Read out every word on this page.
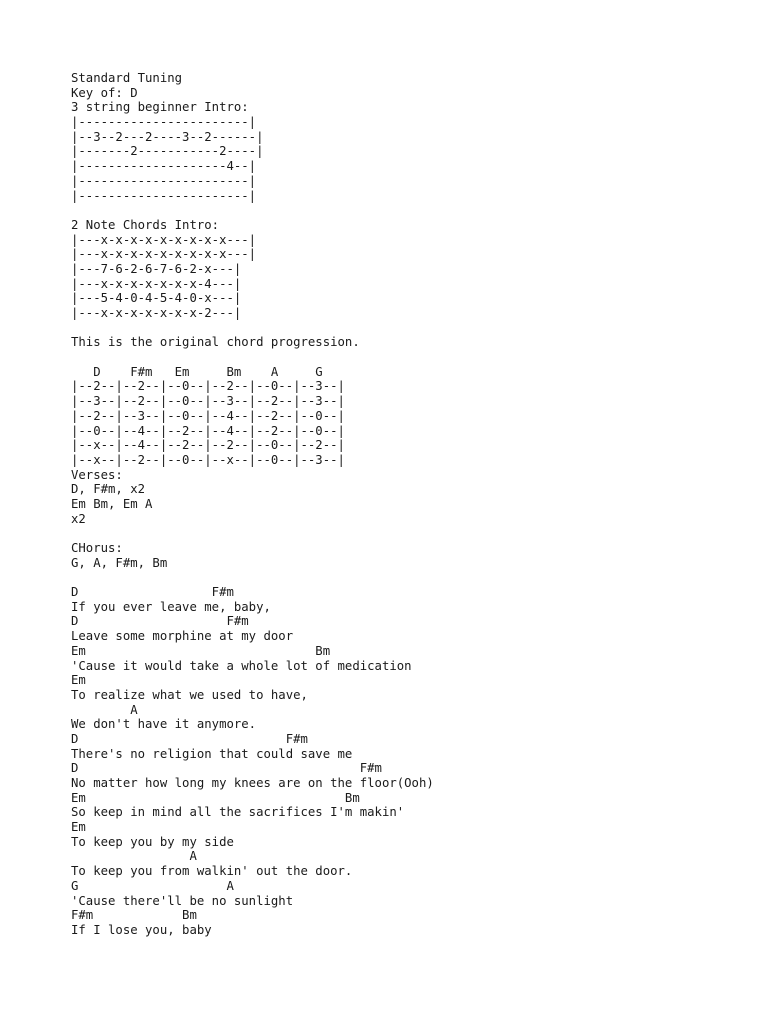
Standard Tuning
Key of: D
3 string beginner Intro:
|-----------------------|
|--3--2---2----3--2------|
|-------2-----------2----|
|--------------------4--|
|-----------------------|
|-----------------------|
2 Note Chords Intro:
|---x-x-x-x-x-x-x-x-x---|
|---x-x-x-x-x-x-x-x-x---|
|---7-6-2-6-7-6-2-x---|
|---x-x-x-x-x-x-x-4---|
|---5-4-0-4-5-4-0-x---|
|---x-x-x-x-x-x-x-2---|
This is the original chord progression.
D    F#m   Em     Bm    A     G
|--2--|--2--|--0--|--2--|--0--|--3--|
|--3--|--2--|--0--|--3--|--2--|--3--|
|--2--|--3--|--0--|--4--|--2--|--0--|
|--0--|--4--|--2--|--4--|--2--|--0--|
|--x--|--4--|--2--|--2--|--0--|--2--|
|--x--|--2--|--0--|--x--|--0--|--3--|
Verses:
D, F#m, x2
Em Bm, Em A
x2
CHorus:
G, A, F#m, Bm
D                  F#m
If you ever leave me, baby,
D                    F#m
Leave some morphine at my door
Em                               Bm
'Cause it would take a whole lot of medication
Em
To realize what we used to have,
A
We don't have it anymore.
D                            F#m
There's no religion that could save me
D                                      F#m
No matter how long my knees are on the floor(Ooh)
Em                                   Bm
So keep in mind all the sacrifices I'm makin'
Em
To keep you by my side
A
To keep you from walkin' out the door.
G                    A
'Cause there'll be no sunlight
F#m            Bm
If I lose you, baby
